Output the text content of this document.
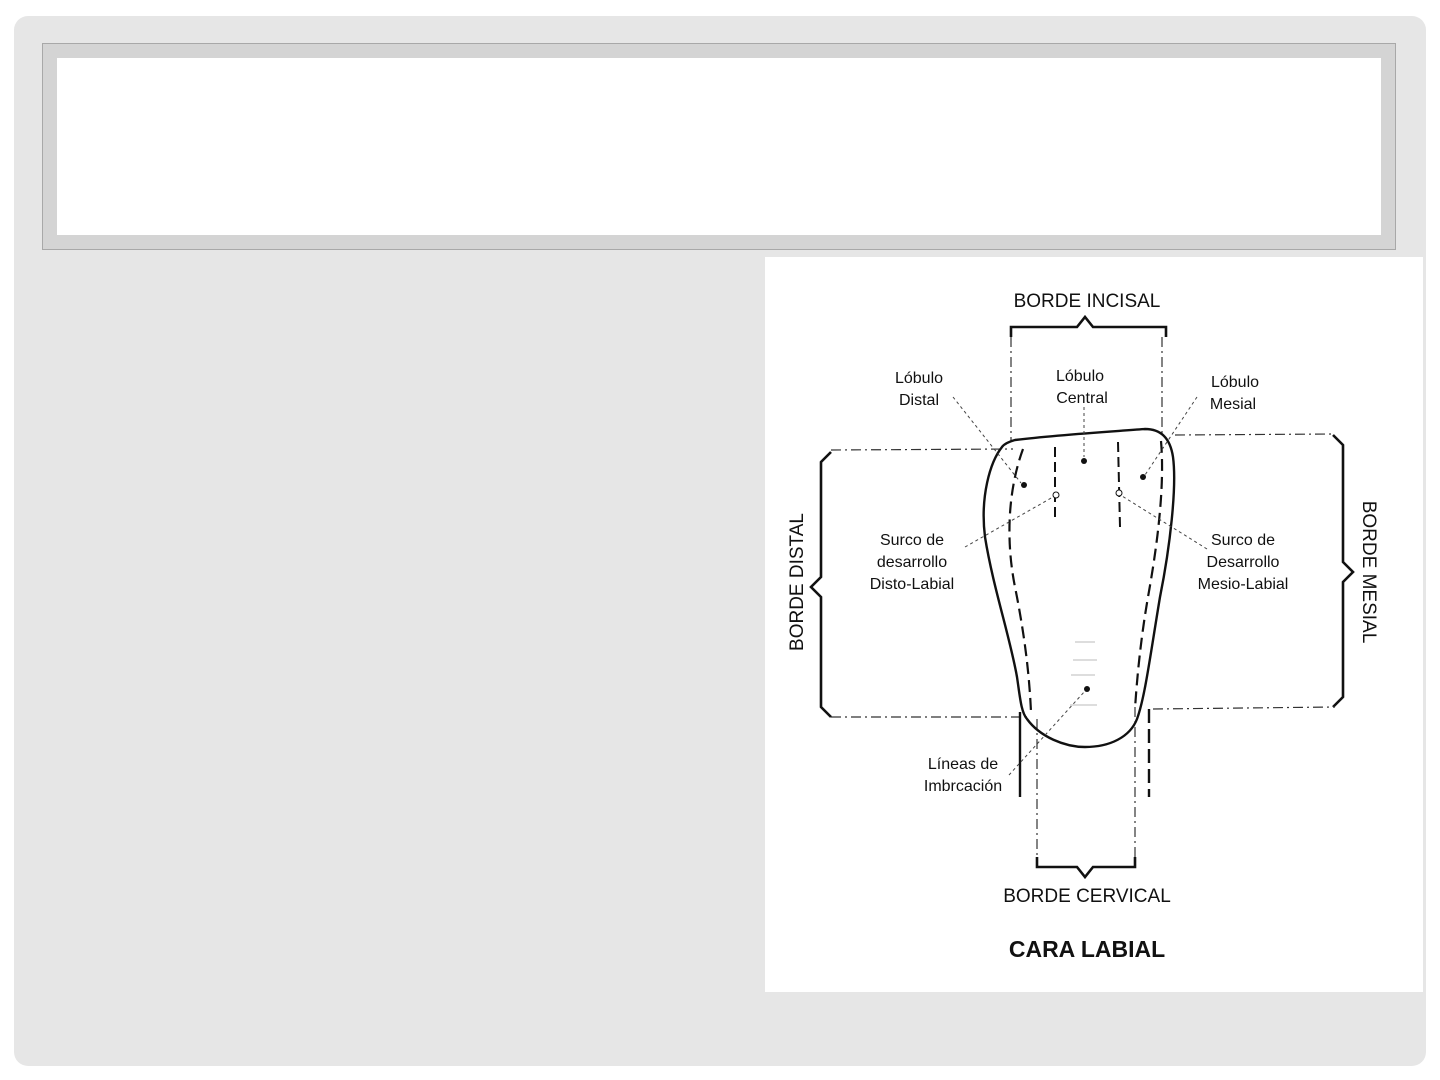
BORDE INCISAL
BORDE CERVICAL
BORDE DISTAL	BORDE MESIAL
Lóbulo
Distal
Lóbulo
Central
Lóbulo
Mesial
Surco de
desarrollo
Disto-Labial
Surco de
Desarrollo
Mesio-Labial
Líneas de
Imbrcación
CARA LABIAL
